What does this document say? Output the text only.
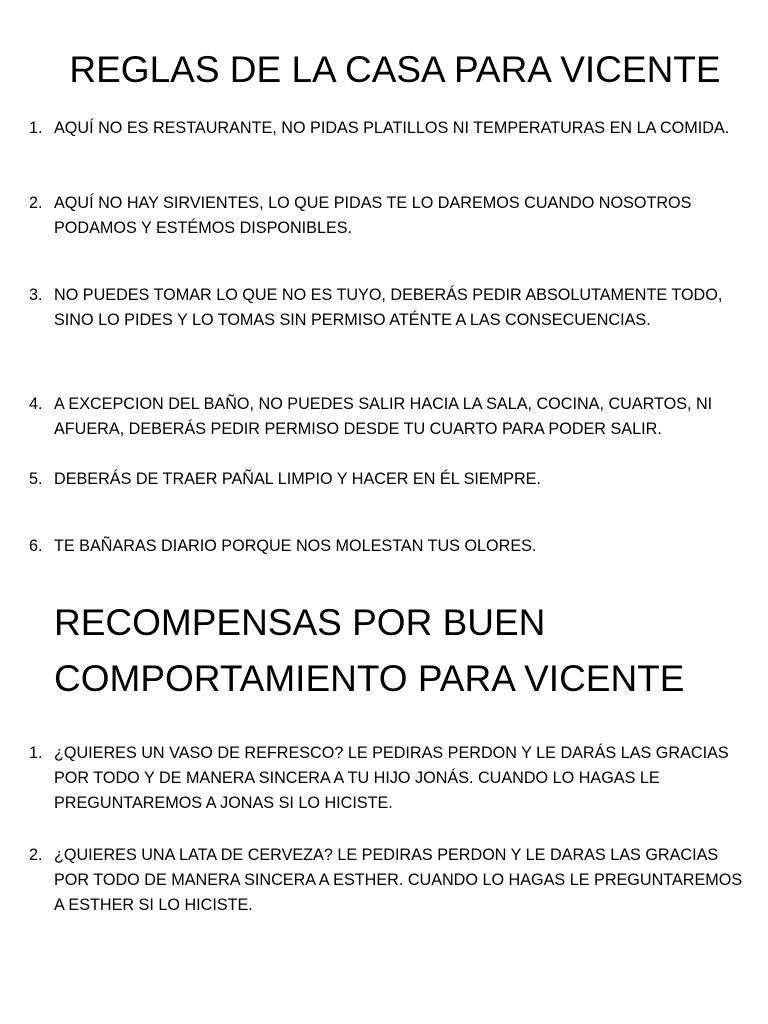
REGLAS DE LA CASA PARA VICENTE
1. AQUÍ NO ES RESTAURANTE, NO PIDAS PLATILLOS NI TEMPERATURAS EN LA COMIDA.
2. AQUÍ NO HAY SIRVIENTES, LO QUE PIDAS TE LO DAREMOS CUANDO NOSOTROS PODAMOS Y ESTÉMOS DISPONIBLES.
3. NO PUEDES TOMAR LO QUE NO ES TUYO, DEBERÁS PEDIR ABSOLUTAMENTE TODO, SINO LO PIDES Y LO TOMAS SIN PERMISO ATÉNTE A LAS CONSECUENCIAS.
4. A EXCEPCION DEL BAÑO, NO PUEDES SALIR HACIA LA SALA, COCINA, CUARTOS, NI AFUERA, DEBERÁS PEDIR PERMISO DESDE TU CUARTO PARA PODER SALIR.
5. DEBERÁS DE TRAER PAÑAL LIMPIO Y HACER EN ÉL SIEMPRE.
6. TE BAÑARAS DIARIO PORQUE NOS MOLESTAN TUS OLORES.
RECOMPENSAS POR BUEN COMPORTAMIENTO PARA VICENTE
1. ¿QUIERES UN VASO DE REFRESCO? LE PEDIRAS PERDON Y LE DARÁS LAS GRACIAS POR TODO Y DE MANERA SINCERA A TU HIJO JONÁS. CUANDO LO HAGAS LE PREGUNTAREMOS A JONAS SI LO HICISTE.
2. ¿QUIERES UNA LATA DE CERVEZA? LE PEDIRAS PERDON Y LE DARAS LAS GRACIAS POR TODO DE MANERA SINCERA A ESTHER. CUANDO LO HAGAS LE PREGUNTAREMOS A ESTHER SI LO HICISTE.
